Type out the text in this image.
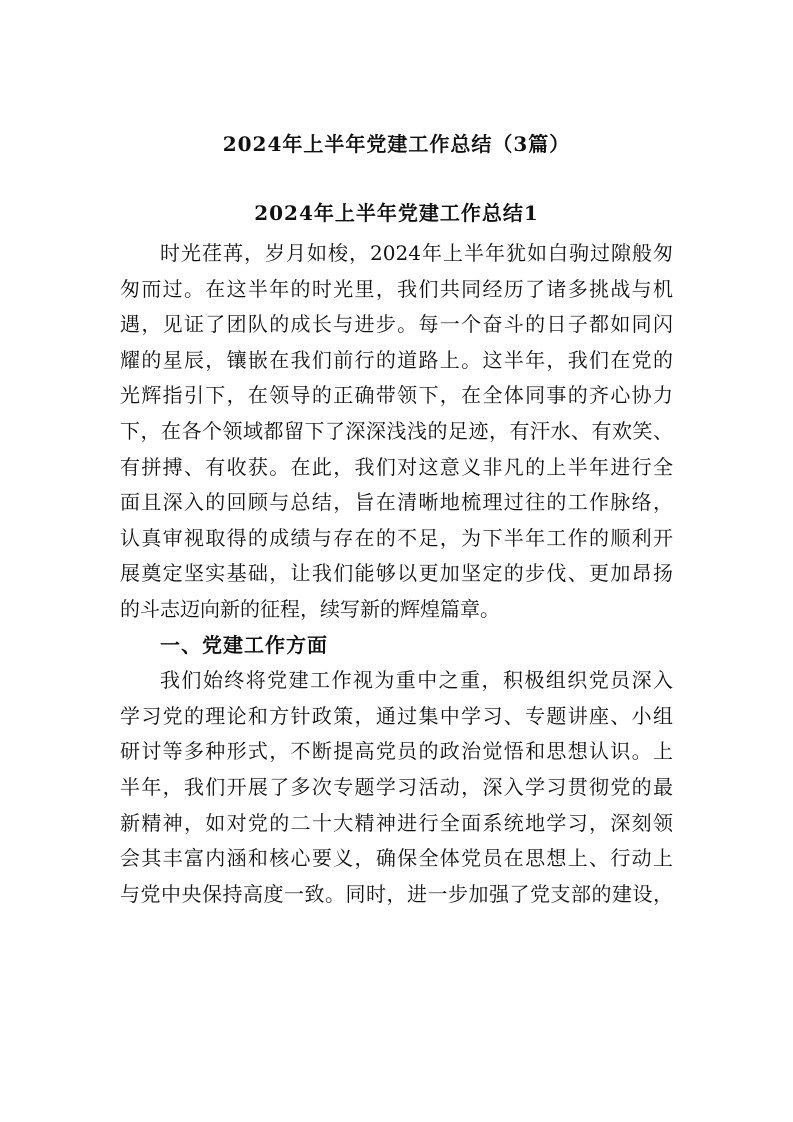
2024年上半年党建工作总结（3篇）
2024年上半年党建工作总结1
时光荏苒，岁月如梭，2024年上半年犹如白驹过隙般匆
匆而过。在这半年的时光里，我们共同经历了诸多挑战与机
遇，见证了团队的成长与进步。每一个奋斗的日子都如同闪
耀的星辰，镶嵌在我们前行的道路上。这半年，我们在党的
光辉指引下，在领导的正确带领下，在全体同事的齐心协力
下，在各个领域都留下了深深浅浅的足迹，有汗水、有欢笑、
有拼搏、有收获。在此，我们对这意义非凡的上半年进行全
面且深入的回顾与总结，旨在清晰地梳理过往的工作脉络，
认真审视取得的成绩与存在的不足，为下半年工作的顺利开
展奠定坚实基础，让我们能够以更加坚定的步伐、更加昂扬
的斗志迈向新的征程，续写新的辉煌篇章。
一、党建工作方面
我们始终将党建工作视为重中之重，积极组织党员深入
学习党的理论和方针政策，通过集中学习、专题讲座、小组
研讨等多种形式，不断提高党员的政治觉悟和思想认识。上
半年，我们开展了多次专题学习活动，深入学习贯彻党的最
新精神，如对党的二十大精神进行全面系统地学习，深刻领
会其丰富内涵和核心要义，确保全体党员在思想上、行动上
与党中央保持高度一致。同时，进一步加强了党支部的建设，
